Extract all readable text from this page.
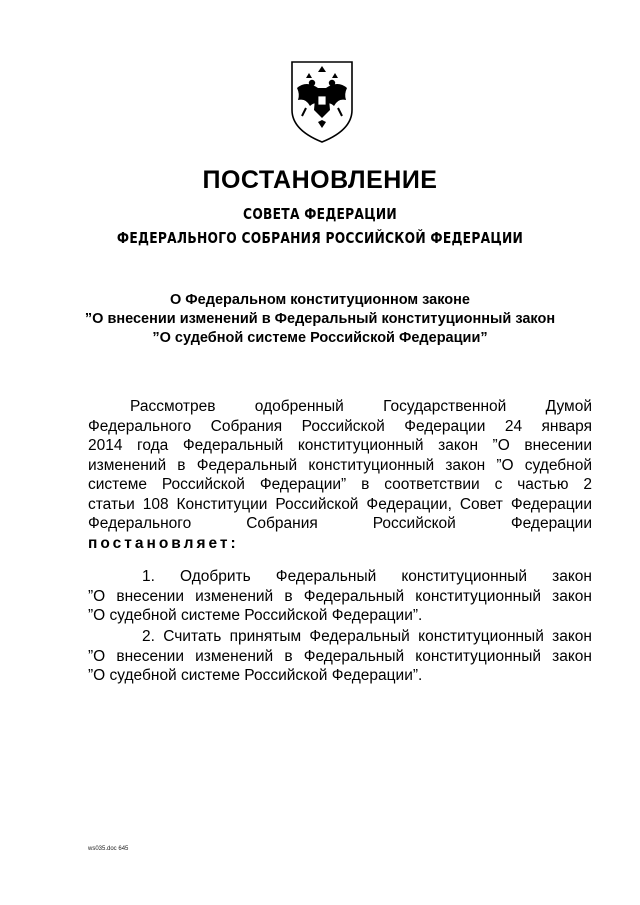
ПОСТАНОВЛЕНИЕ
СОВЕТА ФЕДЕРАЦИИ
ФЕДЕРАЛЬНОГО СОБРАНИЯ РОССИЙСКОЙ ФЕДЕРАЦИИ
О Федеральном конституционном законе
”О внесении изменений в Федеральный конституционный закон
”О судебной системе Российской Федерации”
Рассмотрев одобренный Государственной Думой
Федерального Собрания Российской Федерации 24 января
2014 года Федеральный конституционный закон ”О внесении
изменений в Федеральный конституционный закон ”О судебной
системе Российской Федерации” в соответствии с частью 2
статьи 108 Конституции Российской Федерации, Совет Федерации
Федерального Собрания Российской Федерации
постановляет:
1. Одобрить Федеральный конституционный закон
”О внесении изменений в Федеральный конституционный закон
”О судебной системе Российской Федерации”.
2. Считать принятым Федеральный конституционный закон
”О внесении изменений в Федеральный конституционный закон
”О судебной системе Российской Федерации”.
ws035.doc 645
